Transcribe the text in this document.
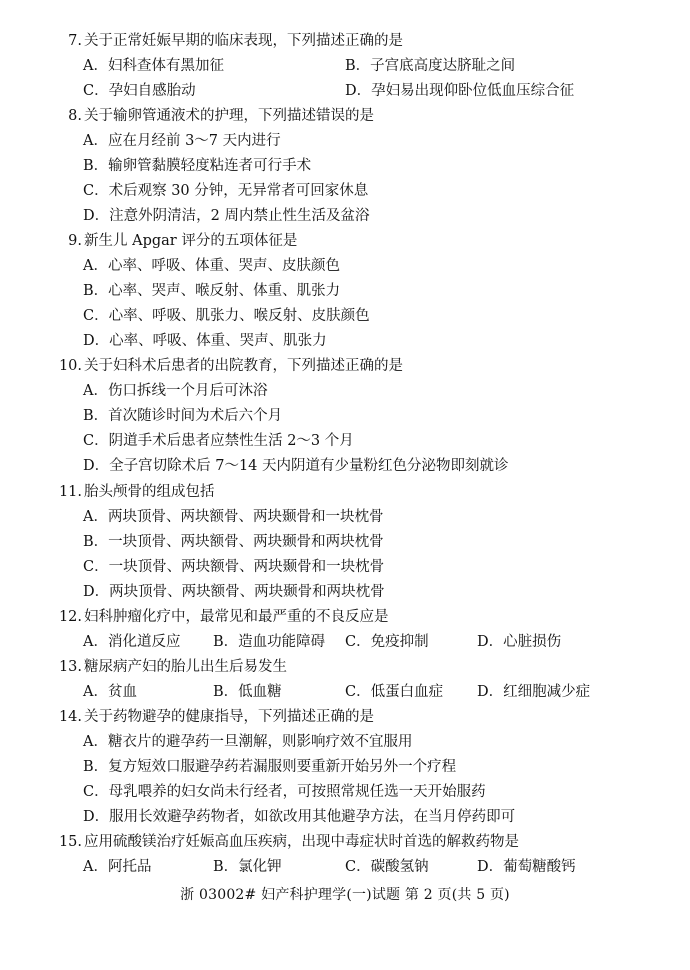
7. 关于正常妊娠早期的临床表现，下列描述正确的是
A．妇科查体有黑加征	B．子宫底高度达脐耻之间
C．孕妇自感胎动	D．孕妇易出现仰卧位低血压综合征
8. 关于输卵管通液术的护理，下列描述错误的是
A．应在月经前 3～7 天内进行
B．输卵管黏膜轻度粘连者可行手术
C．术后观察 30 分钟，无异常者可回家休息
D．注意外阴清洁，2 周内禁止性生活及盆浴
9. 新生儿 Apgar 评分的五项体征是
A．心率、呼吸、体重、哭声、皮肤颜色
B．心率、哭声、喉反射、体重、肌张力
C．心率、呼吸、肌张力、喉反射、皮肤颜色
D．心率、呼吸、体重、哭声、肌张力
10. 关于妇科术后患者的出院教育，下列描述正确的是
A．伤口拆线一个月后可沐浴
B．首次随诊时间为术后六个月
C．阴道手术后患者应禁性生活 2～3 个月
D．全子宫切除术后 7～14 天内阴道有少量粉红色分泌物即刻就诊
11. 胎头颅骨的组成包括
A．两块顶骨、两块额骨、两块颞骨和一块枕骨
B．一块顶骨、两块额骨、两块颞骨和两块枕骨
C．一块顶骨、两块额骨、两块颞骨和一块枕骨
D．两块顶骨、两块额骨、两块颞骨和两块枕骨
12. 妇科肿瘤化疗中，最常见和最严重的不良反应是
A．消化道反应 B．造血功能障碍 C．免疫抑制	D．心脏损伤
13. 糖尿病产妇的胎儿出生后易发生
A．贫血	B．低血糖	C．低蛋白血症 D．红细胞减少症
14. 关于药物避孕的健康指导，下列描述正确的是
A．糖衣片的避孕药一旦潮解，则影响疗效不宜服用
B．复方短效口服避孕药若漏服则要重新开始另外一个疗程
C．母乳喂养的妇女尚未行经者，可按照常规任选一天开始服药
D．服用长效避孕药物者，如欲改用其他避孕方法，在当月停药即可
15. 应用硫酸镁治疗妊娠高血压疾病，出现中毒症状时首选的解救药物是
A．阿托品	B．氯化钾	C．碳酸氢钠	D．葡萄糖酸钙
浙 03002# 妇产科护理学(一)试题 第 2 页(共 5 页)
